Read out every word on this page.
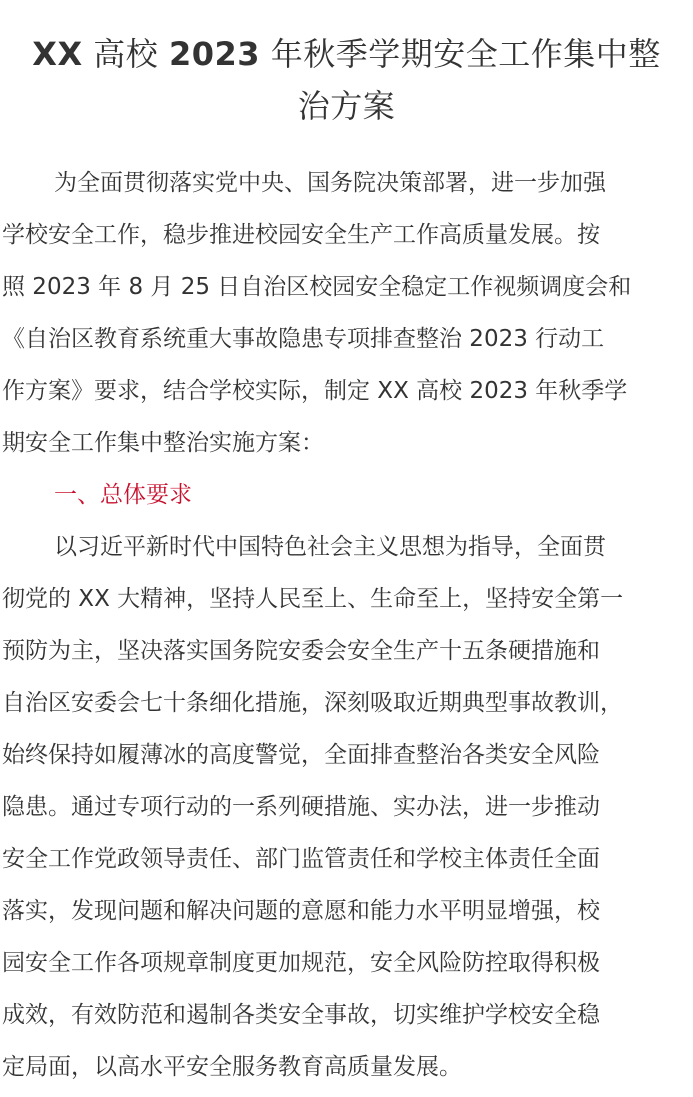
XX 高校 2023 年秋季学期安全工作集中整
治方案
为全面贯彻落实党中央、国务院决策部署，进一步加强
学校安全工作，稳步推进校园安全生产工作高质量发展。按
照 2023 年 8 月 25 日自治区校园安全稳定工作视频调度会和
《自治区教育系统重大事故隐患专项排查整治 2023 行动工
作方案》要求，结合学校实际，制定 XX 高校 2023 年秋季学
期安全工作集中整治实施方案：
一、总体要求
以习近平新时代中国特色社会主义思想为指导，全面贯
彻党的 XX 大精神，坚持人民至上、生命至上，坚持安全第一
预防为主，坚决落实国务院安委会安全生产十五条硬措施和
自治区安委会七十条细化措施，深刻吸取近期典型事故教训，
始终保持如履薄冰的高度警觉，全面排查整治各类安全风险
隐患。通过专项行动的一系列硬措施、实办法，进一步推动
安全工作党政领导责任、部门监管责任和学校主体责任全面
落实，发现问题和解决问题的意愿和能力水平明显增强，校
园安全工作各项规章制度更加规范，安全风险防控取得积极
成效，有效防范和遏制各类安全事故，切实维护学校安全稳
定局面，以高水平安全服务教育高质量发展。
